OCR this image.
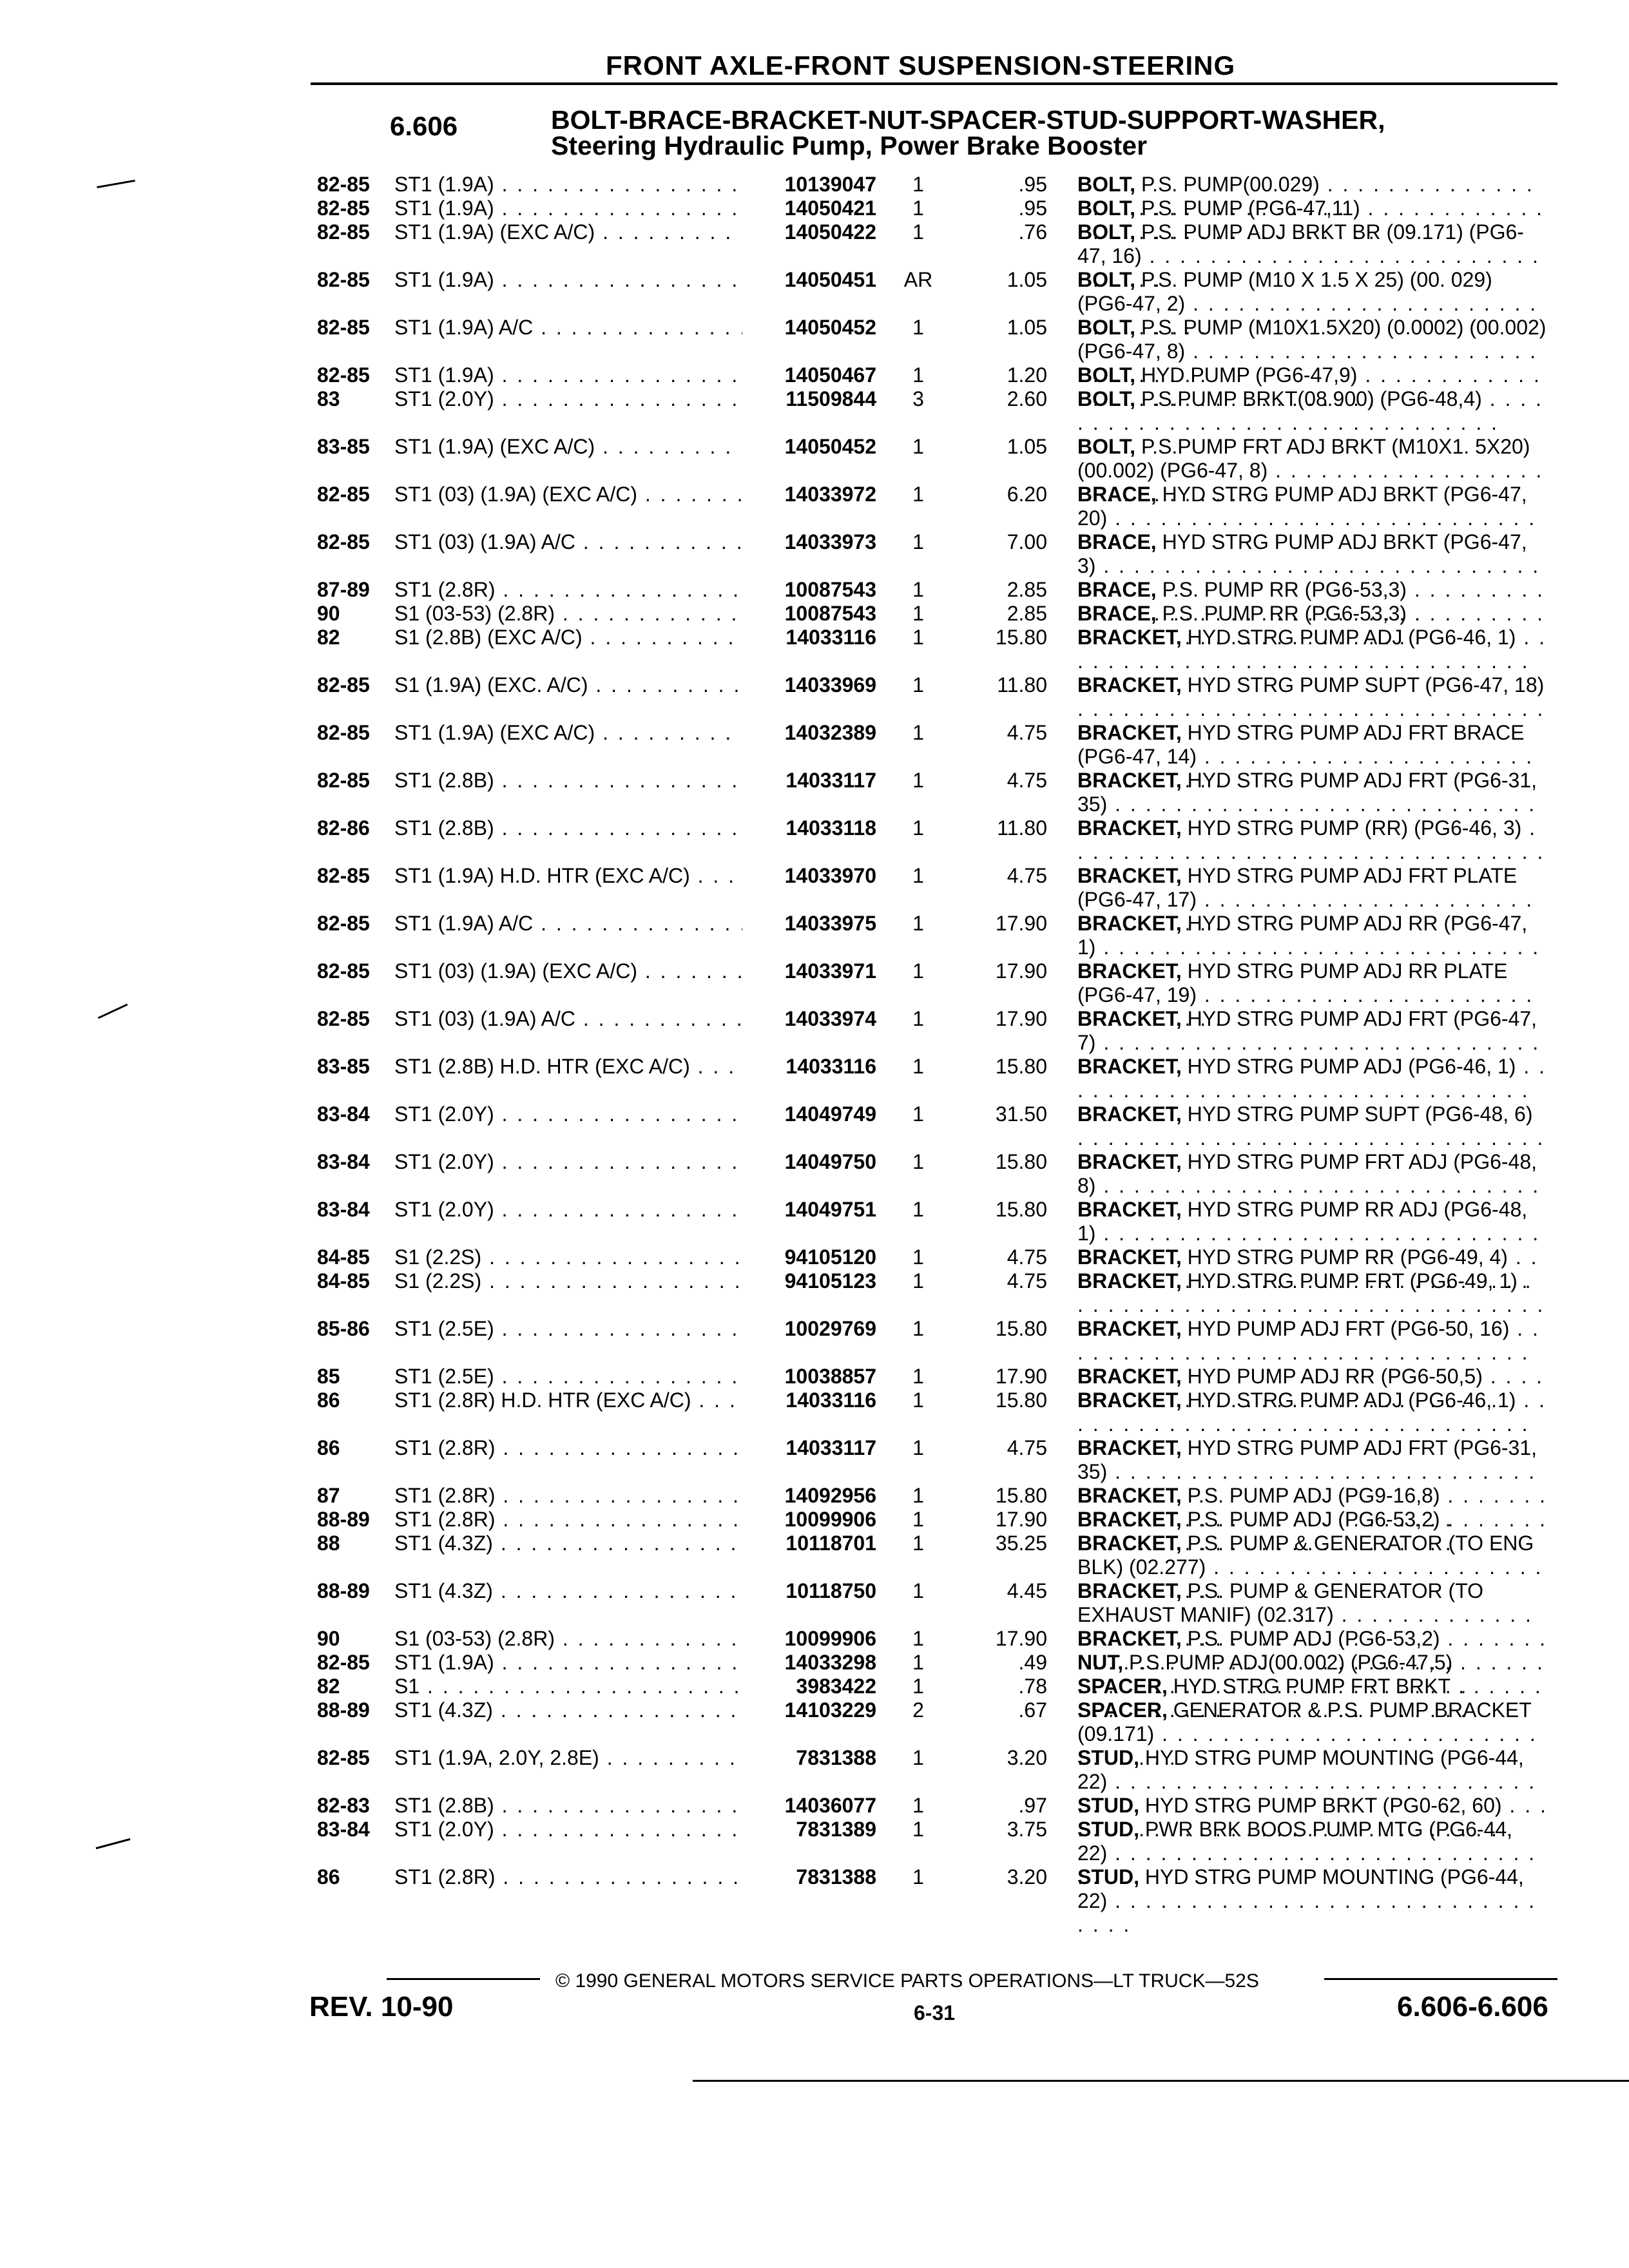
FRONT AXLE-FRONT SUSPENSION-STEERING
6.606	BOLT-BRACE-BRACKET-NUT-SPACER-STUD-SUPPORT-WASHER,
Steering Hydraulic Pump, Power Brake Booster
82-85	ST1 (1.9A) . . .	10139047	1	.95 BOLT, P.S. PUMP(00.029) . . .
82-85	ST1 (1.9A) . . .	14050421	1	.95 BOLT, P.S. PUMP (PG6-47,11) . . .
82-85	ST1 (1.9A) (EXC A/C) . . .	14050422	1	.76 BOLT, P.S. PUMP ADJ BRKT BR (09.171) (PG6-47, 16) . . .
82-85	ST1 (1.9A) . . .	14050451	AR	1.05 BOLT, P.S. PUMP (M10 X 1.5 X 25) (00. 029) (PG6-47, 2) . . .
82-85	ST1 (1.9A) A/C . . .	14050452	1	1.05 BOLT, P.S. PUMP (M10X1.5X20) (0.0002) (00.002) (PG6-47, 8) . . .
82-85	ST1 (1.9A) . . .	14050467	1	1.20 BOLT, HYD PUMP (PG6-47,9) . . .
83	ST1 (2.0Y) . . .	11509844	3	2.60 BOLT, P.S.PUMP BRKT(08.900) (PG6-48,4) . . .
83-85	ST1 (1.9A) (EXC A/C) . . .	14050452	1	1.05 BOLT, P.S.PUMP FRT ADJ BRKT (M10X1. 5X20) (00.002) (PG6-47, 8) . . .
82-85	ST1 (03) (1.9A) (EXC A/C) . . .	14033972	1	6.20 BRACE, HYD STRG PUMP ADJ BRKT (PG6-47, 20) . . .
82-85	ST1 (03) (1.9A) A/C . . .	14033973	1	7.00 BRACE, HYD STRG PUMP ADJ BRKT (PG6-47, 3) . . .
87-89	ST1 (2.8R) . . .	10087543	1	2.85 BRACE, P.S. PUMP RR (PG6-53,3) . . .
90	S1 (03-53) (2.8R) . . .	10087543	1	2.85 BRACE, P.S. PUMP RR (PG6-53,3) . . .
82	S1 (2.8B) (EXC A/C) . . .	14033116	1	15.80 BRACKET, HYD STRG PUMP ADJ (PG6-46, 1) . . .
82-85	S1 (1.9A) (EXC. A/C) . . .	14033969	1	11.80 BRACKET, HYD STRG PUMP SUPT (PG6-47, 18) . . .
82-85	ST1 (1.9A) (EXC A/C) . . .	14032389	1	4.75 BRACKET, HYD STRG PUMP ADJ FRT BRACE (PG6-47, 14) . . .
82-85	ST1 (2.8B) . . .	14033117	1	4.75 BRACKET, HYD STRG PUMP ADJ FRT (PG6-31, 35) . . .
82-86	ST1 (2.8B) . . .	14033118	1	11.80 BRACKET, HYD STRG PUMP (RR) (PG6-46, 3) . . .
82-85	ST1 (1.9A) H.D. HTR (EXC A/C) . . .	14033970	1	4.75 BRACKET, HYD STRG PUMP ADJ FRT PLATE (PG6-47, 17) . . .
82-85	ST1 (1.9A) A/C . . .	14033975	1	17.90 BRACKET, HYD STRG PUMP ADJ RR (PG6-47, 1) . . .
82-85	ST1 (03) (1.9A) (EXC A/C) . . .	14033971	1	17.90 BRACKET, HYD STRG PUMP ADJ RR PLATE (PG6-47, 19) . . .
82-85	ST1 (03) (1.9A) A/C . . .	14033974	1	17.90 BRACKET, HYD STRG PUMP ADJ FRT (PG6-47, 7) . . .
83-85	ST1 (2.8B) H.D. HTR (EXC A/C) . . .	14033116	1	15.80 BRACKET, HYD STRG PUMP ADJ (PG6-46, 1) . . .
83-84	ST1 (2.0Y) . . .	14049749	1	31.50 BRACKET, HYD STRG PUMP SUPT (PG6-48, 6) . . .
83-84	ST1 (2.0Y) . . .	14049750	1	15.80 BRACKET, HYD STRG PUMP FRT ADJ (PG6-48, 8) . . .
83-84	ST1 (2.0Y) . . .	14049751	1	15.80 BRACKET, HYD STRG PUMP RR ADJ (PG6-48, 1) . . .
84-85	S1 (2.2S) . . .	94105120	1	4.75 BRACKET, HYD STRG PUMP RR (PG6-49, 4) . . .
84-85	S1 (2.2S) . . .	94105123	1	4.75 BRACKET, HYD STRG PUMP FRT (PG6-49, 1) . . .
85-86	ST1 (2.5E) . . .	10029769	1	15.80 BRACKET, HYD PUMP ADJ FRT (PG6-50, 16) . . .
85	ST1 (2.5E) . . .	10038857	1	17.90 BRACKET, HYD PUMP ADJ RR (PG6-50,5) . . .
86	ST1 (2.8R) H.D. HTR (EXC A/C) . . .	14033116	1	15.80 BRACKET, HYD STRG PUMP ADJ (PG6-46, 1) . . .
86	ST1 (2.8R) . . .	14033117	1	4.75 BRACKET, HYD STRG PUMP ADJ FRT (PG6-31, 35) . . .
87	ST1 (2.8R) . . .	14092956	1	15.80 BRACKET, P.S. PUMP ADJ (PG9-16,8) . . .
88-89	ST1 (2.8R) . . .	10099906	1	17.90 BRACKET, P.S. PUMP ADJ (PG6-53,2) . . .
88	ST1 (4.3Z) . . .	10118701	1	35.25 BRACKET, P.S. PUMP & GENERATOR (TO ENG BLK) (02.277) . . .
88-89	ST1 (4.3Z) . . .	10118750	1	4.45 BRACKET, P.S. PUMP & GENERATOR (TO EXHAUST MANIF) (02.317) . . .
90	S1 (03-53) (2.8R) . . .	10099906	1	17.90 BRACKET, P.S. PUMP ADJ (PG6-53,2) . . .
82-85	ST1 (1.9A) . . .	14033298	1	.49 NUT, P.S.PUMP ADJ(00.002) (PG6-47,5) . . .
82	S1 . . .	3983422	1	.78 SPACER, HYD STRG PUMP FRT BRKT . . .
88-89	ST1 (4.3Z) . . .	14103229	2	.67 SPACER, GENERATOR & P.S. PUMP BRACKET (09.171) . . .
82-85	ST1 (1.9A, 2.0Y, 2.8E) . . .	7831388	1	3.20 STUD, HYD STRG PUMP MOUNTING (PG6-44, 22) . . .
82-83	ST1 (2.8B) . . .	14036077	1	.97 STUD, HYD STRG PUMP BRKT (PG0-62, 60) . . .
83-84	ST1 (2.0Y) . . .	7831389	1	3.75 STUD, PWR BRK BOOS PUMP MTG (PG6-44, 22) . . .
86	ST1 (2.8R) . . .	7831388	1	3.20 STUD, HYD STRG PUMP MOUNTING (PG6-44, 22) . . .
© 1990 GENERAL MOTORS SERVICE PARTS OPERATIONS—LT TRUCK—52S
REV. 10-90	6-31	6.606-6.606
